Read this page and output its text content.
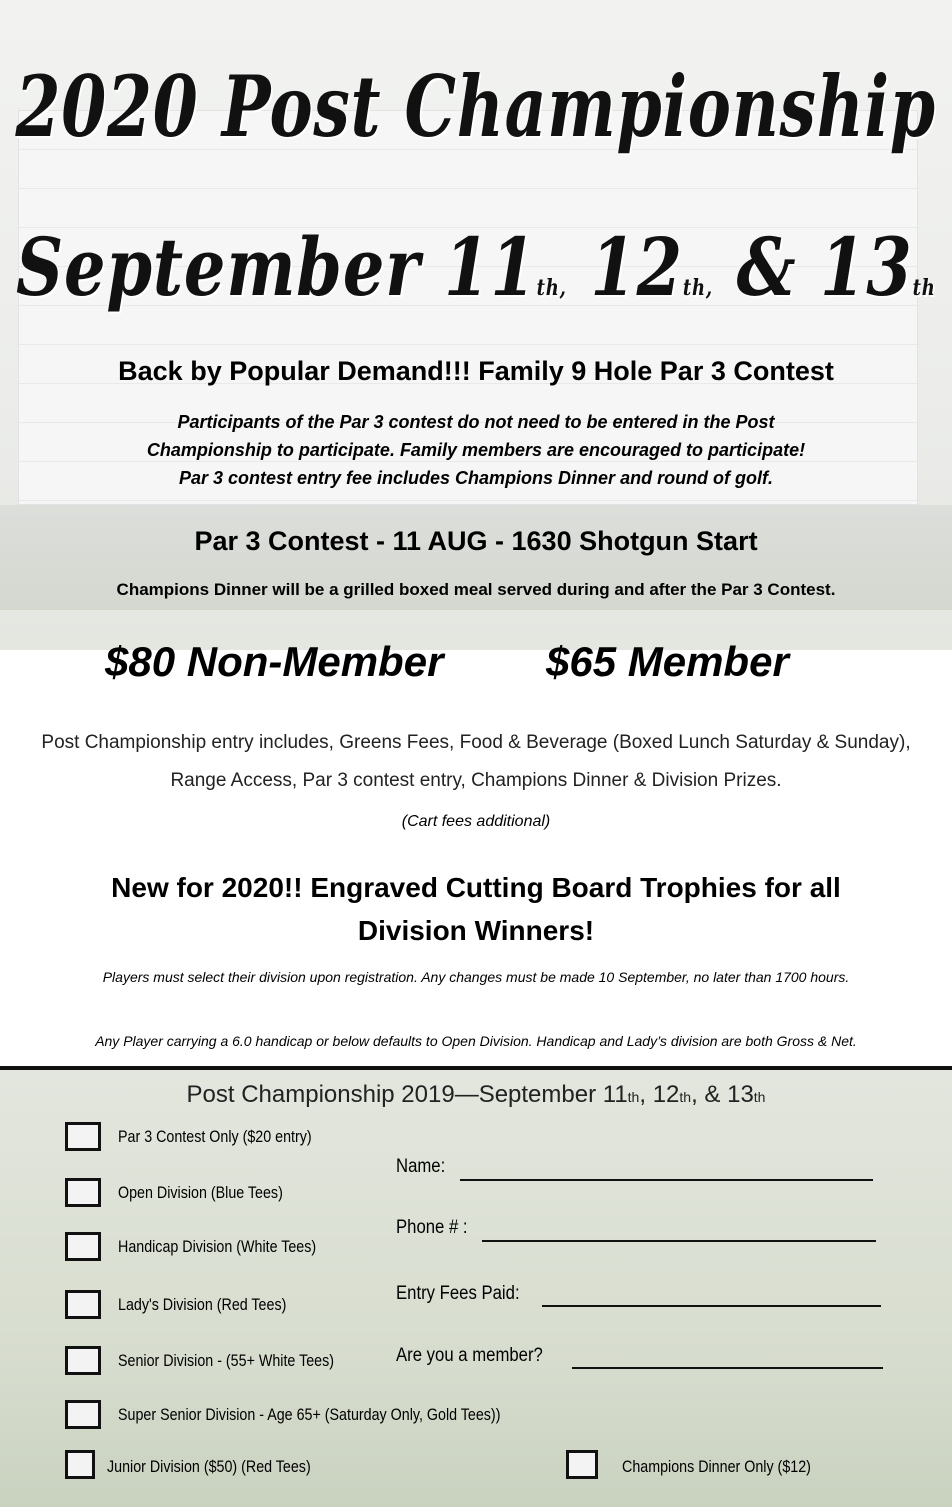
2020 Post Championship
September 11th, 12th, & 13th
Back by Popular Demand!!! Family 9 Hole Par 3 Contest
Participants of the Par 3 contest do not need to be entered in the Post
Championship to participate. Family members are encouraged to participate!
Par 3 contest entry fee includes Champions Dinner and round of golf.
Par 3 Contest - 11 AUG - 1630 Shotgun Start
Champions Dinner will be a grilled boxed meal served during and after the Par 3 Contest.
$80 Non-Member $65 Member
Post Championship entry includes, Greens Fees, Food & Beverage (Boxed Lunch Saturday & Sunday),
Range Access, Par 3 contest entry, Champions Dinner & Division Prizes.
(Cart fees additional)
New for 2020!! Engraved Cutting Board Trophies for all
Division Winners!
Players must select their division upon registration. Any changes must be made 10 September, no later than 1700 hours.
Any Player carrying a 6.0 handicap or below defaults to Open Division. Handicap and Lady’s division are both Gross & Net.
Post Championship 2019—September 11th, 12th, & 13th
Par 3 Contest Only ($20 entry)
Open Division (Blue Tees)
Handicap Division (White Tees)
Lady's Division (Red Tees)
Senior Division - (55+ White Tees)
Super Senior Division - Age 65+ (Saturday Only, Gold Tees))
Junior Division ($50) (Red Tees)	Champions Dinner Only ($12)
Name:
Phone # :
Entry Fees Paid:
Are you a member?
